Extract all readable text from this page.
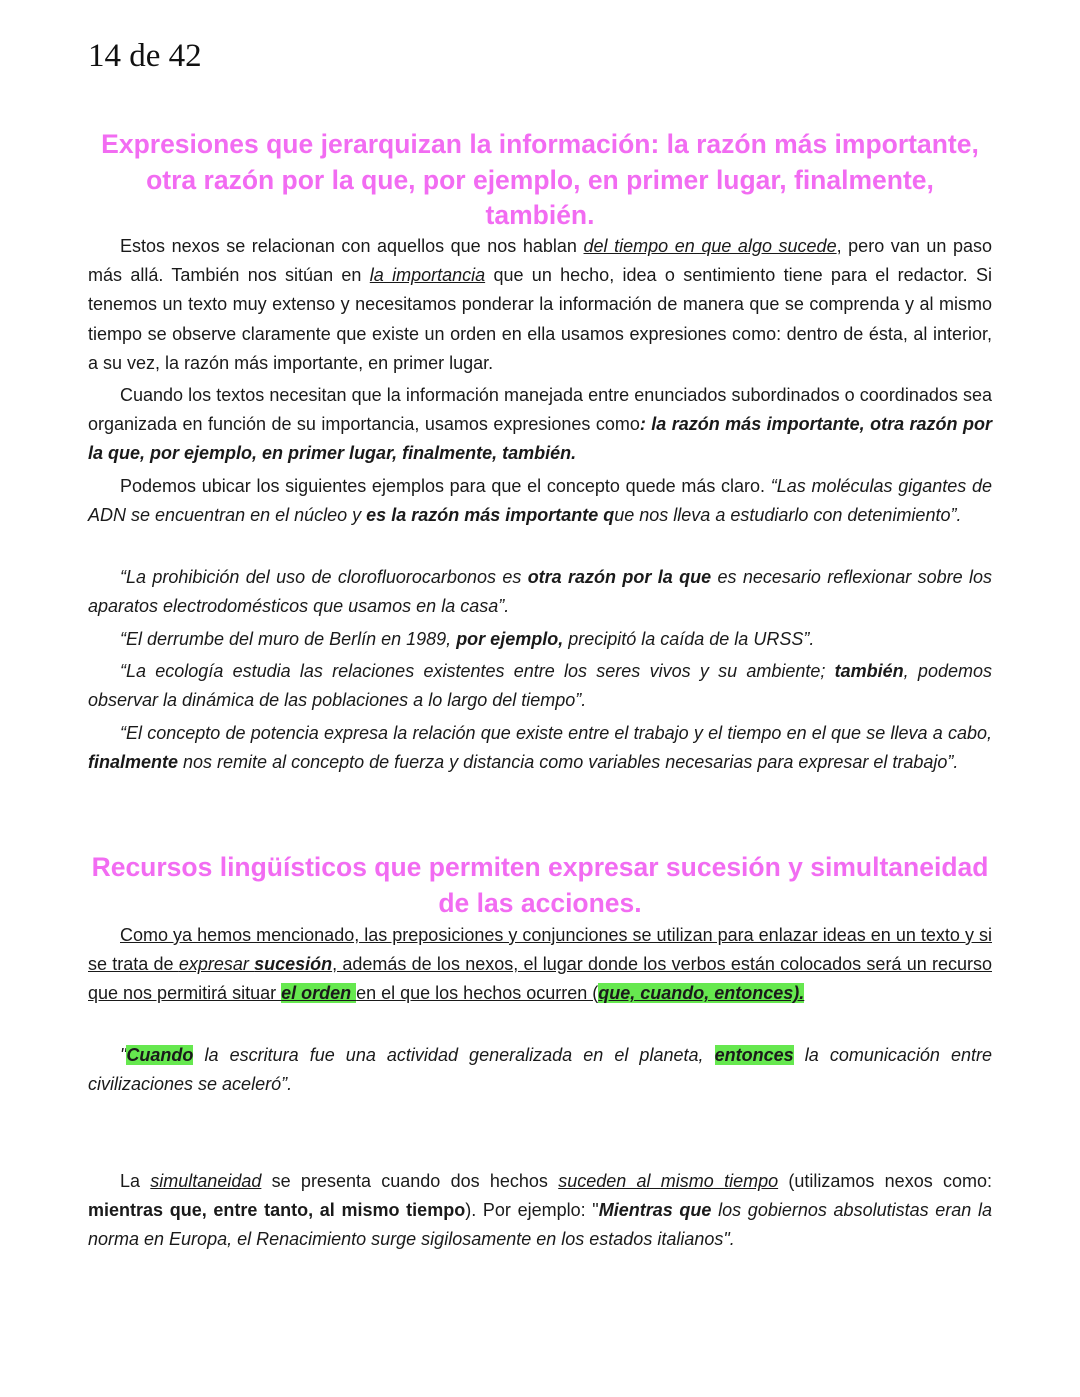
14 de 42
Expresiones que jerarquizan la información: la razón más importante, otra razón por la que, por ejemplo, en primer lugar, finalmente, también.

Estos nexos se relacionan con aquellos que nos hablan del tiempo en que algo sucede, pero van un paso más allá. También nos sitúan en la importancia que un hecho, idea o sentimiento tiene para el redactor. Si tenemos un texto muy extenso y necesitamos ponderar la información de manera que se comprenda y al mismo tiempo se observe claramente que existe un orden en ella usamos expresiones como: dentro de ésta, al interior, a su vez, la razón más importante, en primer lugar.

Cuando los textos necesitan que la información manejada entre enunciados subordinados o coordinados sea organizada en función de su importancia, usamos expresiones como: la razón más importante, otra razón por la que, por ejemplo, en primer lugar, finalmente, también.

Podemos ubicar los siguientes ejemplos para que el concepto quede más claro. “Las moléculas gigantes de ADN se encuentran en el núcleo y es la razón más importante que nos lleva a estudiarlo con detenimiento”.

“La prohibición del uso de clorofluorocarbonos es otra razón por la que es necesario reflexionar sobre los aparatos electrodomésticos que usamos en la casa”.

“El derrumbe del muro de Berlín en 1989, por ejemplo, precipitó la caída de la URSS”.

“La ecología estudia las relaciones existentes entre los seres vivos y su ambiente; también, podemos observar la dinámica de las poblaciones a lo largo del tiempo”.

“El concepto de potencia expresa la relación que existe entre el trabajo y el tiempo en el que se lleva a cabo, finalmente nos remite al concepto de fuerza y distancia como variables necesarias para expresar el trabajo”.

Recursos lingüísticos que permiten expresar sucesión y simultaneidad de las acciones.

Como ya hemos mencionado, las preposiciones y conjunciones se utilizan para enlazar ideas en un texto y si se trata de expresar sucesión, además de los nexos, el lugar donde los verbos están colocados será un recurso que nos permitirá situar el orden en el que los hechos ocurren (que, cuando, entonces).

"Cuando la escritura fue una actividad generalizada en el planeta, entonces la comunicación entre civilizaciones se aceleró”.

La simultaneidad se presenta cuando dos hechos suceden al mismo tiempo (utilizamos nexos como: mientras que, entre tanto, al mismo tiempo). Por ejemplo: "Mientras que los gobiernos absolutistas eran la norma en Europa, el Renacimiento surge sigilosamente en los estados italianos".
